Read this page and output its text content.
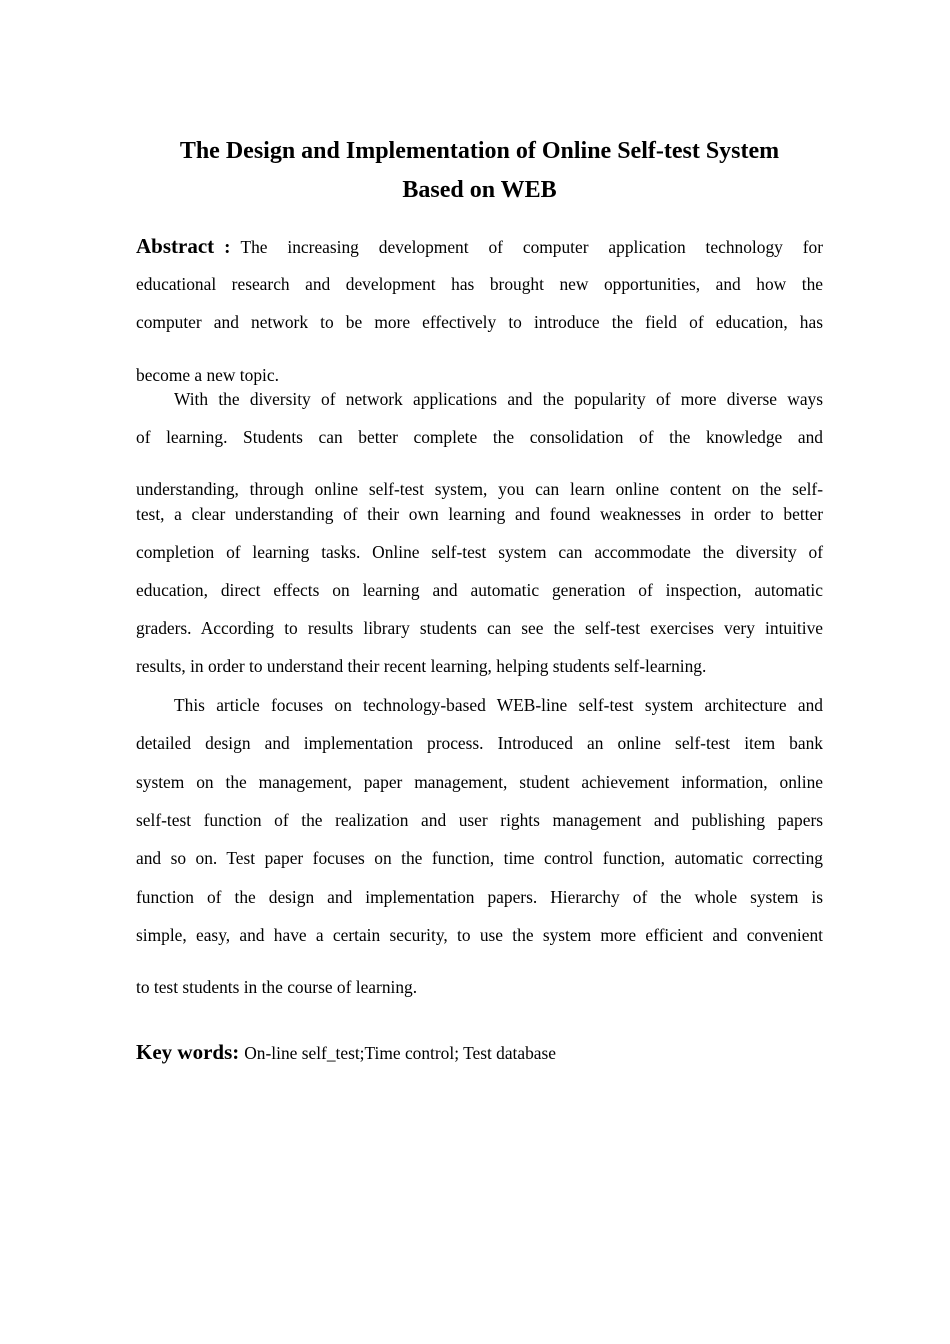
The Design and Implementation of Online Self-test System
Based on WEB
Abstract : The increasing development of computer application technology for
educational research and development has brought new opportunities, and how the
computer and network to be more effectively to introduce the field of education, has
become a new topic.
With the diversity of network applications and the popularity of more diverse ways
of learning. Students can better complete the consolidation of the knowledge and
understanding, through online self-test system, you can learn online content on the self-
test, a clear understanding of their own learning and found weaknesses in order to better
completion of learning tasks. Online self-test system can accommodate the diversity of
education, direct effects on learning and automatic generation of inspection, automatic
graders. According to results library students can see the self-test exercises very intuitive
results, in order to understand their recent learning, helping students self-learning.
This article focuses on technology-based WEB-line self-test system architecture and
detailed design and implementation process. Introduced an online self-test item bank
system on the management, paper management, student achievement information, online
self-test function of the realization and user rights management and publishing papers
and so on. Test paper focuses on the function, time control function, automatic correcting
function of the design and implementation papers. Hierarchy of the whole system is
simple, easy, and have a certain security, to use the system more efficient and convenient
to test students in the course of learning.
Key words: On-line self_test;Time control; Test database
